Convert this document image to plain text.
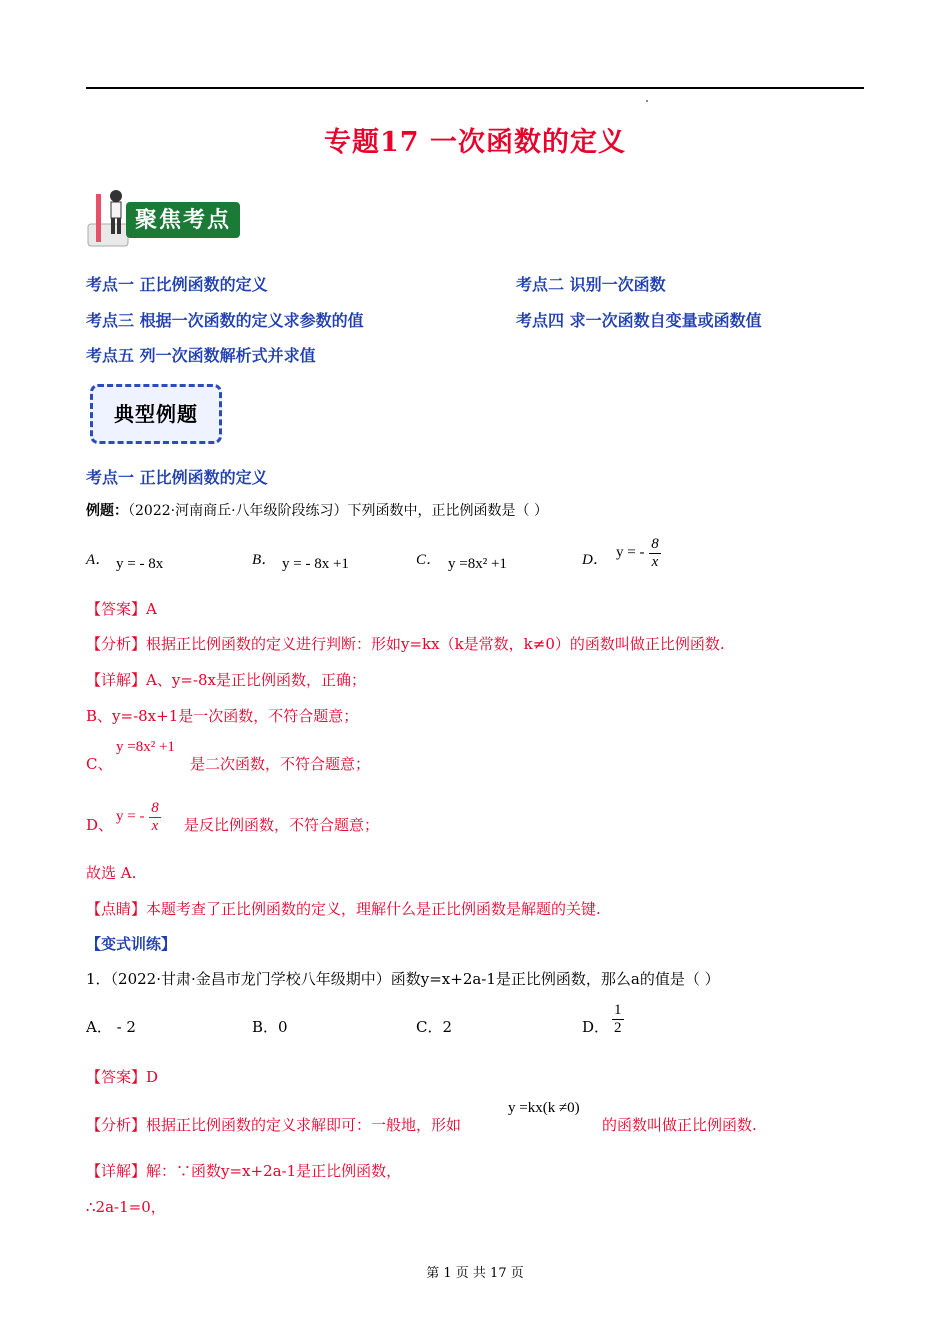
专题17 一次函数的定义
聚焦考点
考点一 正比例函数的定义	考点二 识别一次函数
考点三 根据一次函数的定义求参数的值	考点四 求一次函数自变量或函数值
考点五 列一次函数解析式并求值
典型例题
考点一 正比例函数的定义
例题：（2022·河南商丘·八年级阶段练习）下列函数中，正比例函数是（ ）
A． y = - 8x	B． y = - 8x +1	C． y =8x² +1	D． y = - $\frac{8}{x}$
【答案】A
【分析】根据正比例函数的定义进行判断：形如y=kx（k是常数，k≠0）的函数叫做正比例函数.
【详解】A、y=-8x是正比例函数，正确；
B、y=-8x+1是一次函数，不符合题意；
C、
y =8x² +1
是二次函数，不符合题意；
D、 y = - $\frac{8}{x}$ 是反比例函数，不符合题意；
故选 A.
【点睛】本题考查了正比例函数的定义，理解什么是正比例函数是解题的关键.
【变式训练】
1．（2022·甘肃·金昌市龙门学校八年级期中）函数y=x+2a-1是正比例函数，那么a的值是（ ）
A． - 2	B．0	C．2	D． $\frac{1}{2}$
【答案】D
【分析】根据正比例函数的定义求解即可：一般地，形如
y =kx(k ≠0)
的函数叫做正比例函数.
【详解】解：∵函数y=x+2a-1是正比例函数，
∴2a-1=0，
第 1 页 共 17 页
